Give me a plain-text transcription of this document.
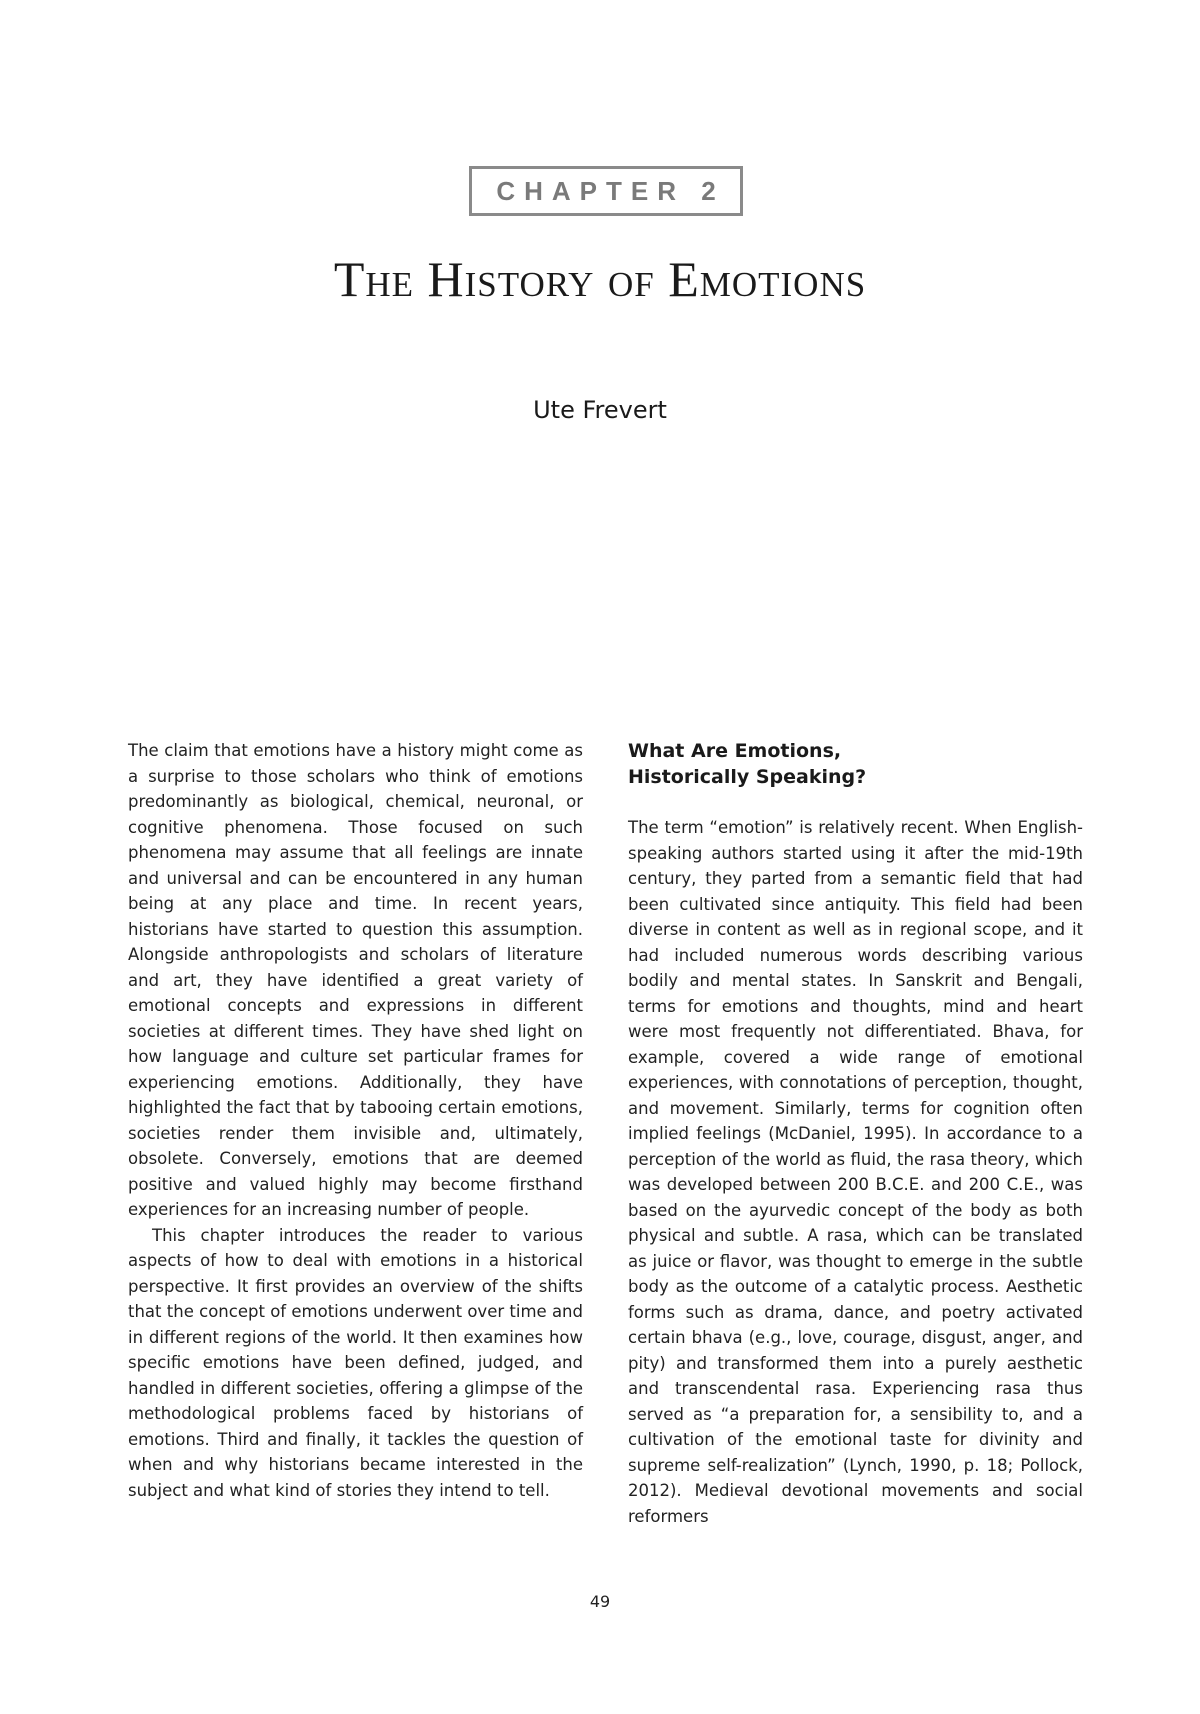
CHAPTER 2
The History of Emotions
Ute Frevert

The claim that emotions have a history might come as a surprise to those scholars who think of emotions predominantly as biological, chemical, neuronal, or cognitive phenomena. Those focused on such phenomena may assume that all feelings are innate and universal and can be encountered in any human being at any place and time. In recent years, historians have started to question this assumption. Alongside anthropologists and scholars of literature and art, they have identified a great variety of emotional concepts and expressions in different societies at different times. They have shed light on how language and culture set particular frames for experiencing emotions. Additionally, they have highlighted the fact that by tabooing certain emotions, societies render them invisible and, ultimately, obsolete. Conversely, emotions that are deemed positive and valued highly may become firsthand experiences for an increasing number of people.

This chapter introduces the reader to various aspects of how to deal with emotions in a historical perspective. It first provides an overview of the shifts that the concept of emotions underwent over time and in different regions of the world. It then examines how specific emotions have been defined, judged, and handled in different societies, offering a glimpse of the methodological problems faced by historians of emotions. Third and finally, it tackles the question of when and why historians became interested in the subject and what kind of stories they intend to tell.

What Are Emotions,
Historically Speaking?

The term “emotion” is relatively recent. When English-speaking authors started using it after the mid-19th century, they parted from a semantic field that had been cultivated since antiquity. This field had been diverse in content as well as in regional scope, and it had included numerous words describing various bodily and mental states. In Sanskrit and Bengali, terms for emotions and thoughts, mind and heart were most frequently not differentiated. Bhava, for example, covered a wide range of emotional experiences, with connotations of perception, thought, and movement. Similarly, terms for cognition often implied feelings (McDaniel, 1995). In accordance to a perception of the world as fluid, the rasa theory, which was developed between 200 B.C.E. and 200 C.E., was based on the ayurvedic concept of the body as both physical and subtle. A rasa, which can be translated as juice or flavor, was thought to emerge in the subtle body as the outcome of a catalytic process. Aesthetic forms such as drama, dance, and poetry activated certain bhava (e.g., love, courage, disgust, anger, and pity) and transformed them into a purely aesthetic and transcendental rasa. Experiencing rasa thus served as “a preparation for, a sensibility to, and a cultivation of the emotional taste for divinity and supreme self-realization” (Lynch, 1990, p. 18; Pollock, 2012). Medieval devotional movements and social reformers

49
